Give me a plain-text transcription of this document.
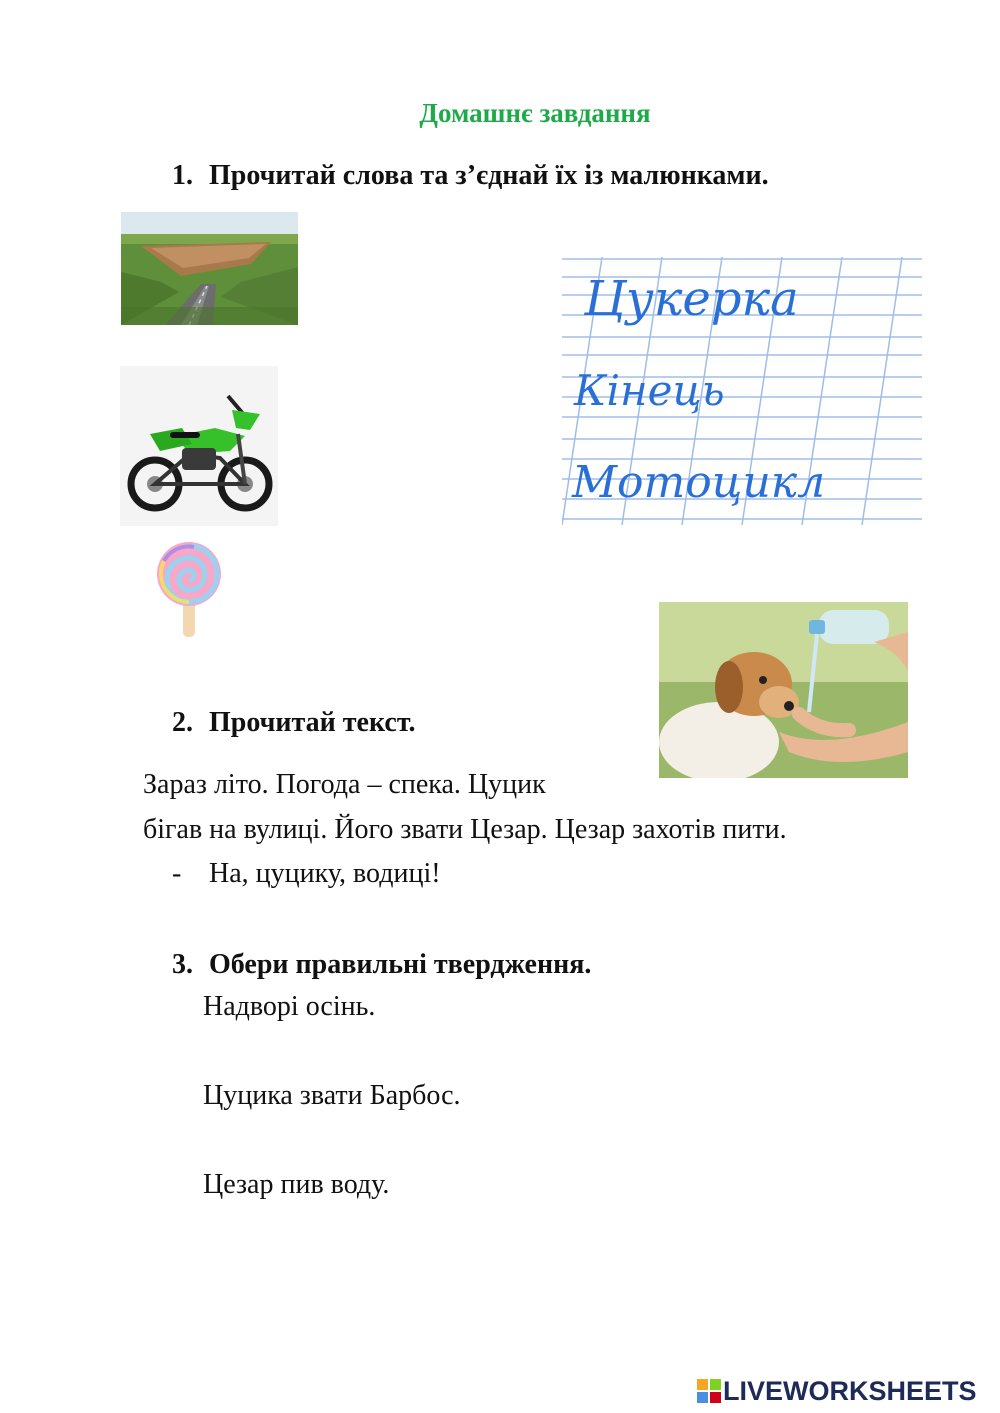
Домашнє завдання
1. Прочитай слова та з’єднай їх із малюнками.
Цукерка
Кінець
Мотоцикл
2. Прочитай текст.
Зараз літо. Погода – спека. Цуцик
бігав на вулиці. Його звати Цезар. Цезар захотів пити.
- На, цуцику, водиці!
3. Обери правильні твердження.
Надворі осінь.
Цуцика звати Барбос.
Цезар пив воду.
LIVEWORKSHEETS
